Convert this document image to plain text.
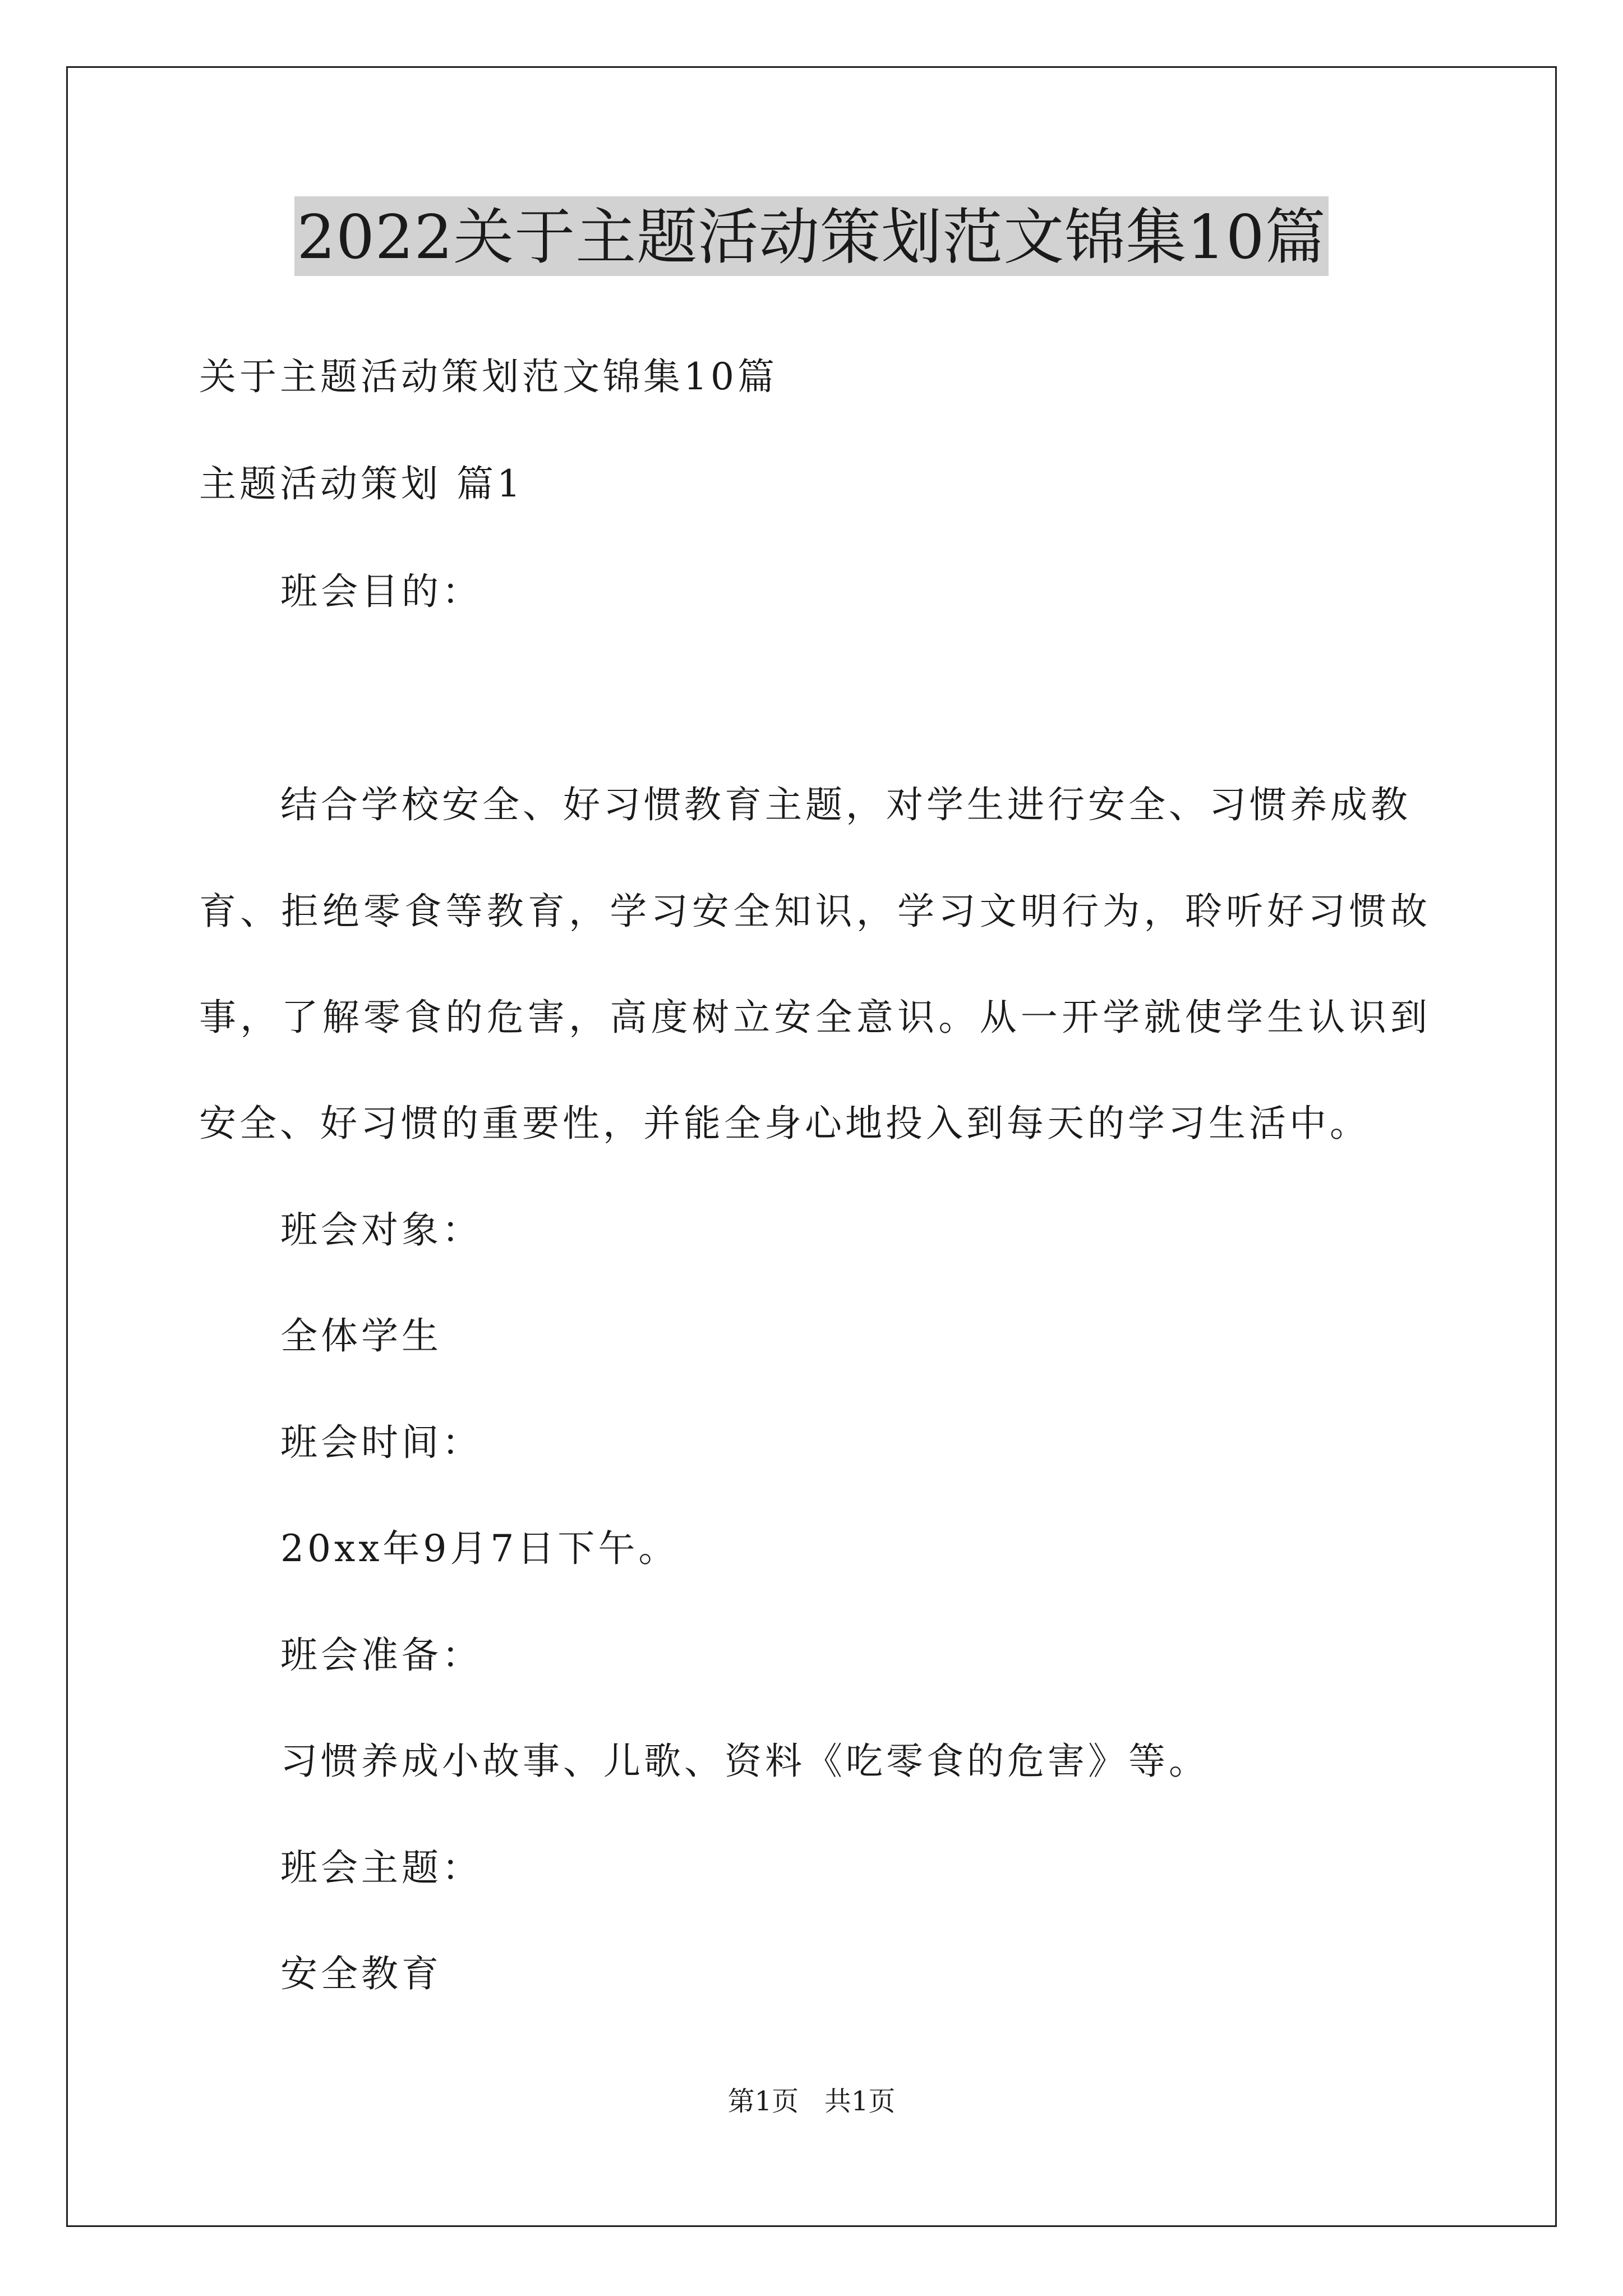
2022关于主题活动策划范文锦集10篇
关于主题活动策划范文锦集10篇
主题活动策划 篇1
班会目的：
结合学校安全、好习惯教育主题，对学生进行安全、习惯养成教
育、拒绝零食等教育，学习安全知识，学习文明行为，聆听好习惯故
事，了解零食的危害，高度树立安全意识。从一开学就使学生认识到
安全、好习惯的重要性，并能全身心地投入到每天的学习生活中。
班会对象：
全体学生
班会时间：
20xx年9月7日下午。
班会准备：
习惯养成小故事、儿歌、资料《吃零食的危害》等。
班会主题：
安全教育
第1页   共1页
